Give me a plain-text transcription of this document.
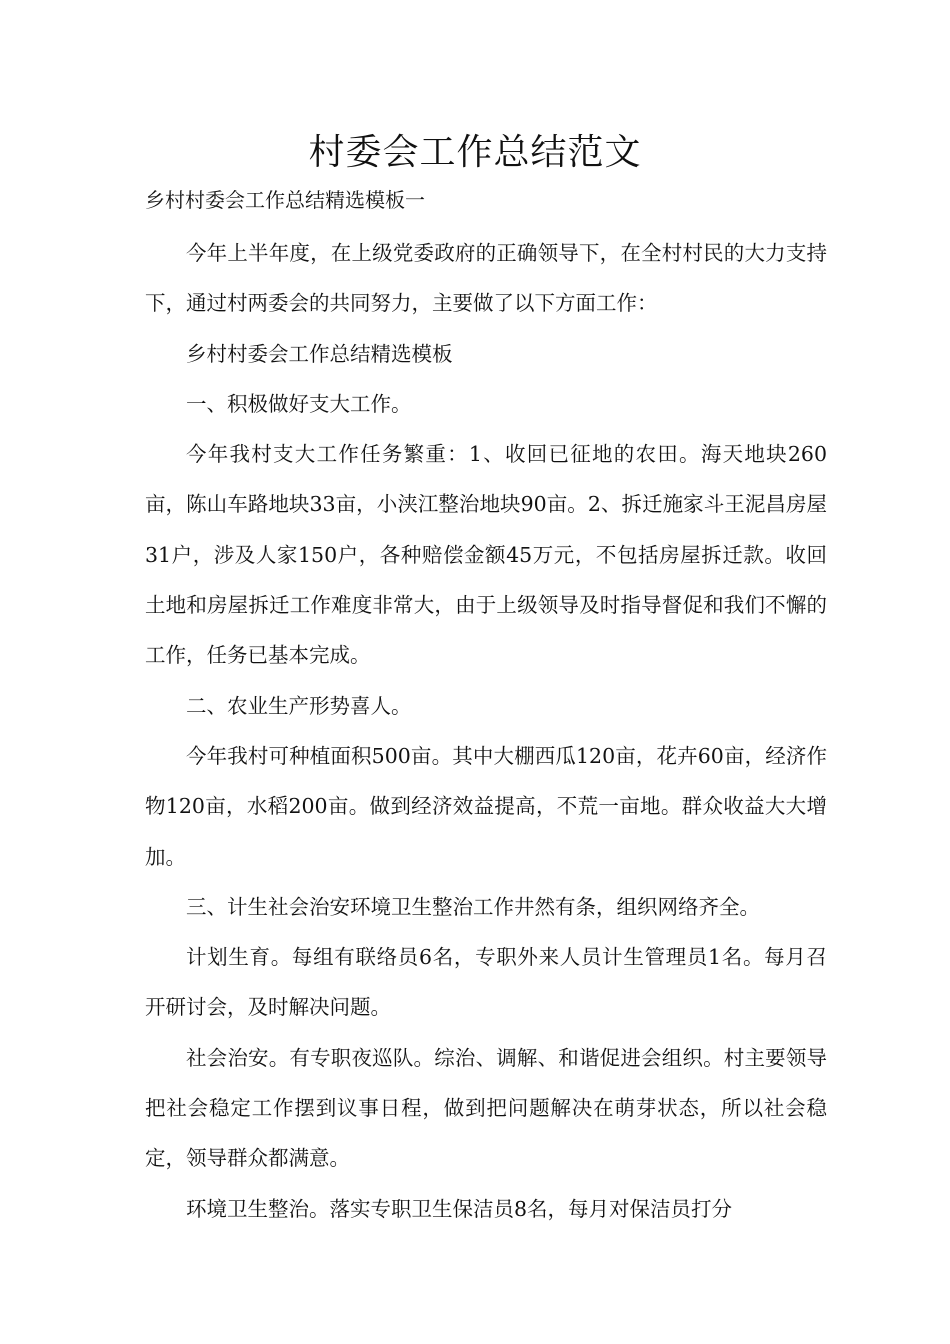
村委会工作总结范文
乡村村委会工作总结精选模板一

今年上半年度，在上级党委政府的正确领导下，在全村村民的大力支持下，通过村两委会的共同努力，主要做了以下方面工作：

乡村村委会工作总结精选模板

一、积极做好支大工作。

今年我村支大工作任务繁重：1、收回已征地的农田。海天地块260亩，陈山车路地块33亩，小浃江整治地块90亩。2、拆迁施家斗王泥昌房屋31户，涉及人家150户，各种赔偿金额45万元，不包括房屋拆迁款。收回土地和房屋拆迁工作难度非常大，由于上级领导及时指导督促和我们不懈的工作，任务已基本完成。

二、农业生产形势喜人。

今年我村可种植面积500亩。其中大棚西瓜120亩，花卉60亩，经济作物120亩，水稻200亩。做到经济效益提高，不荒一亩地。群众收益大大增加。

三、计生社会治安环境卫生整治工作井然有条，组织网络齐全。

计划生育。每组有联络员6名，专职外来人员计生管理员1名。每月召开研讨会，及时解决问题。

社会治安。有专职夜巡队。综治、调解、和谐促进会组织。村主要领导把社会稳定工作摆到议事日程，做到把问题解决在萌芽状态，所以社会稳定，领导群众都满意。

环境卫生整治。落实专职卫生保洁员8名，每月对保洁员打分
